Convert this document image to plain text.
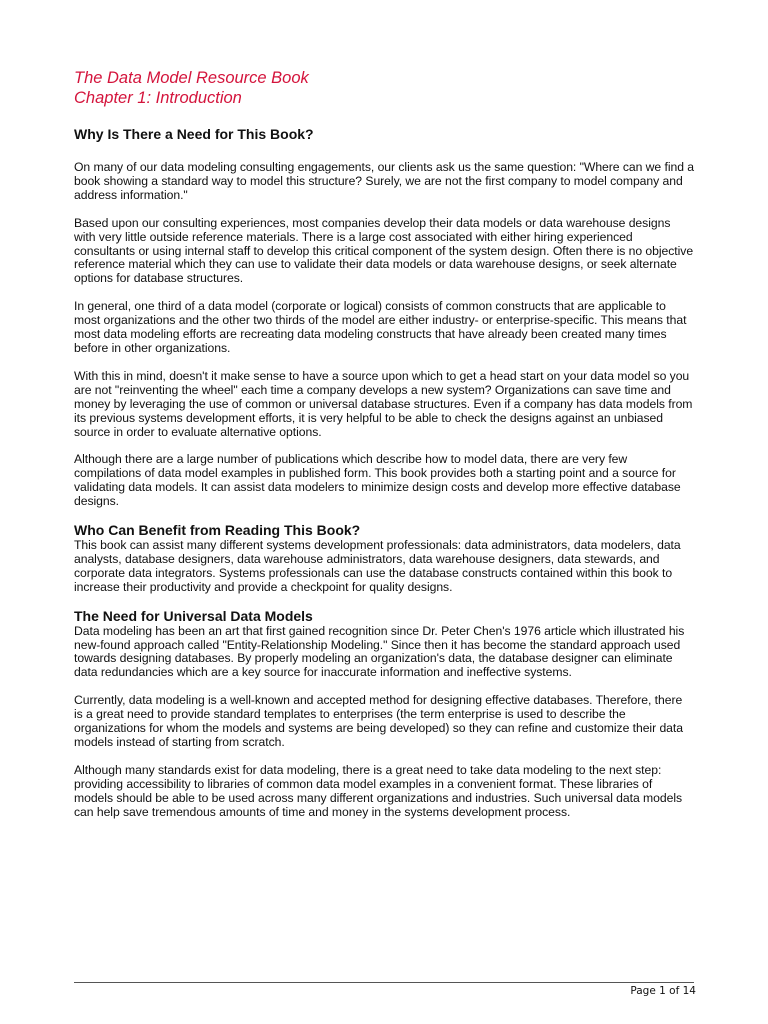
The Data Model Resource Book
Chapter 1: Introduction
Why Is There a Need for This Book?

On many of our data modeling consulting engagements, our clients ask us the same question: "Where can we find a book showing a standard way to model this structure? Surely, we are not the first company to model company and address information."

Based upon our consulting experiences, most companies develop their data models or data warehouse designs with very little outside reference materials. There is a large cost associated with either hiring experienced consultants or using internal staff to develop this critical component of the system design. Often there is no objective reference material which they can use to validate their data models or data warehouse designs, or seek alternate options for database structures.

In general, one third of a data model (corporate or logical) consists of common constructs that are applicable to most organizations and the other two thirds of the model are either industry- or enterprise-specific. This means that most data modeling efforts are recreating data modeling constructs that have already been created many times before in other organizations.

With this in mind, doesn't it make sense to have a source upon which to get a head start on your data model so you are not "reinventing the wheel" each time a company develops a new system? Organizations can save time and money by leveraging the use of common or universal database structures. Even if a company has data models from its previous systems development efforts, it is very helpful to be able to check the designs against an unbiased source in order to evaluate alternative options.

Although there are a large number of publications which describe how to model data, there are very few compilations of data model examples in published form. This book provides both a starting point and a source for validating data models. It can assist data modelers to minimize design costs and develop more effective database designs.

Who Can Benefit from Reading This Book?

This book can assist many different systems development professionals: data administrators, data modelers, data analysts, database designers, data warehouse administrators, data warehouse designers, data stewards, and corporate data integrators. Systems professionals can use the database constructs contained within this book to increase their productivity and provide a checkpoint for quality designs.

The Need for Universal Data Models

Data modeling has been an art that first gained recognition since Dr. Peter Chen's 1976 article which illustrated his new-found approach called "Entity-Relationship Modeling." Since then it has become the standard approach used towards designing databases. By properly modeling an organization's data, the database designer can eliminate data redundancies which are a key source for inaccurate information and ineffective systems.

Currently, data modeling is a well-known and accepted method for designing effective databases. Therefore, there is a great need to provide standard templates to enterprises (the term enterprise is used to describe the organizations for whom the models and systems are being developed) so they can refine and customize their data models instead of starting from scratch.

Although many standards exist for data modeling, there is a great need to take data modeling to the next step: providing accessibility to libraries of common data model examples in a convenient format. These libraries of models should be able to be used across many different organizations and industries. Such universal data models can help save tremendous amounts of time and money in the systems development process.

Page 1 of 14
